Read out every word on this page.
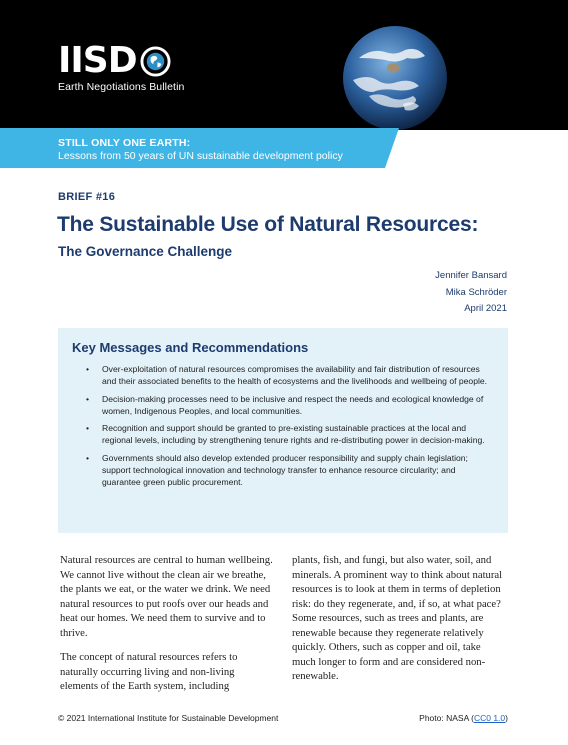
IISD
Earth Negotiations Bulletin
STILL ONLY ONE EARTH:
Lessons from 50 years of UN sustainable development policy
BRIEF #16
The Sustainable Use of Natural Resources:
The Governance Challenge
Jennifer Bansard
Mika Schröder
April 2021
Key Messages and Recommendations
• Over-exploitation of natural resources compromises the availability and fair distribution of resources and their associated benefits to the health of ecosystems and the livelihoods and wellbeing of people.
• Decision-making processes need to be inclusive and respect the needs and ecological knowledge of women, Indigenous Peoples, and local communities.
• Recognition and support should be granted to pre-existing sustainable practices at the local and regional levels, including by strengthening tenure rights and re-distributing power in decision-making.
• Governments should also develop extended producer responsibility and supply chain legislation; support technological innovation and technology transfer to enhance resource circularity; and guarantee green public procurement.

Natural resources are central to human wellbeing. We cannot live without the clean air we breathe, the plants we eat, or the water we drink. We need natural resources to put roofs over our heads and heat our homes. We need them to survive and to thrive.

The concept of natural resources refers to naturally occurring living and non-living elements of the Earth system, including

plants, fish, and fungi, but also water, soil, and minerals. A prominent way to think about natural resources is to look at them in terms of depletion risk: do they regenerate, and, if so, at what pace? Some resources, such as trees and plants, are renewable because they regenerate relatively quickly. Others, such as copper and oil, take much longer to form and are considered non-renewable.

© 2021 International Institute for Sustainable Development	Photo: NASA (CC0 1.0)
